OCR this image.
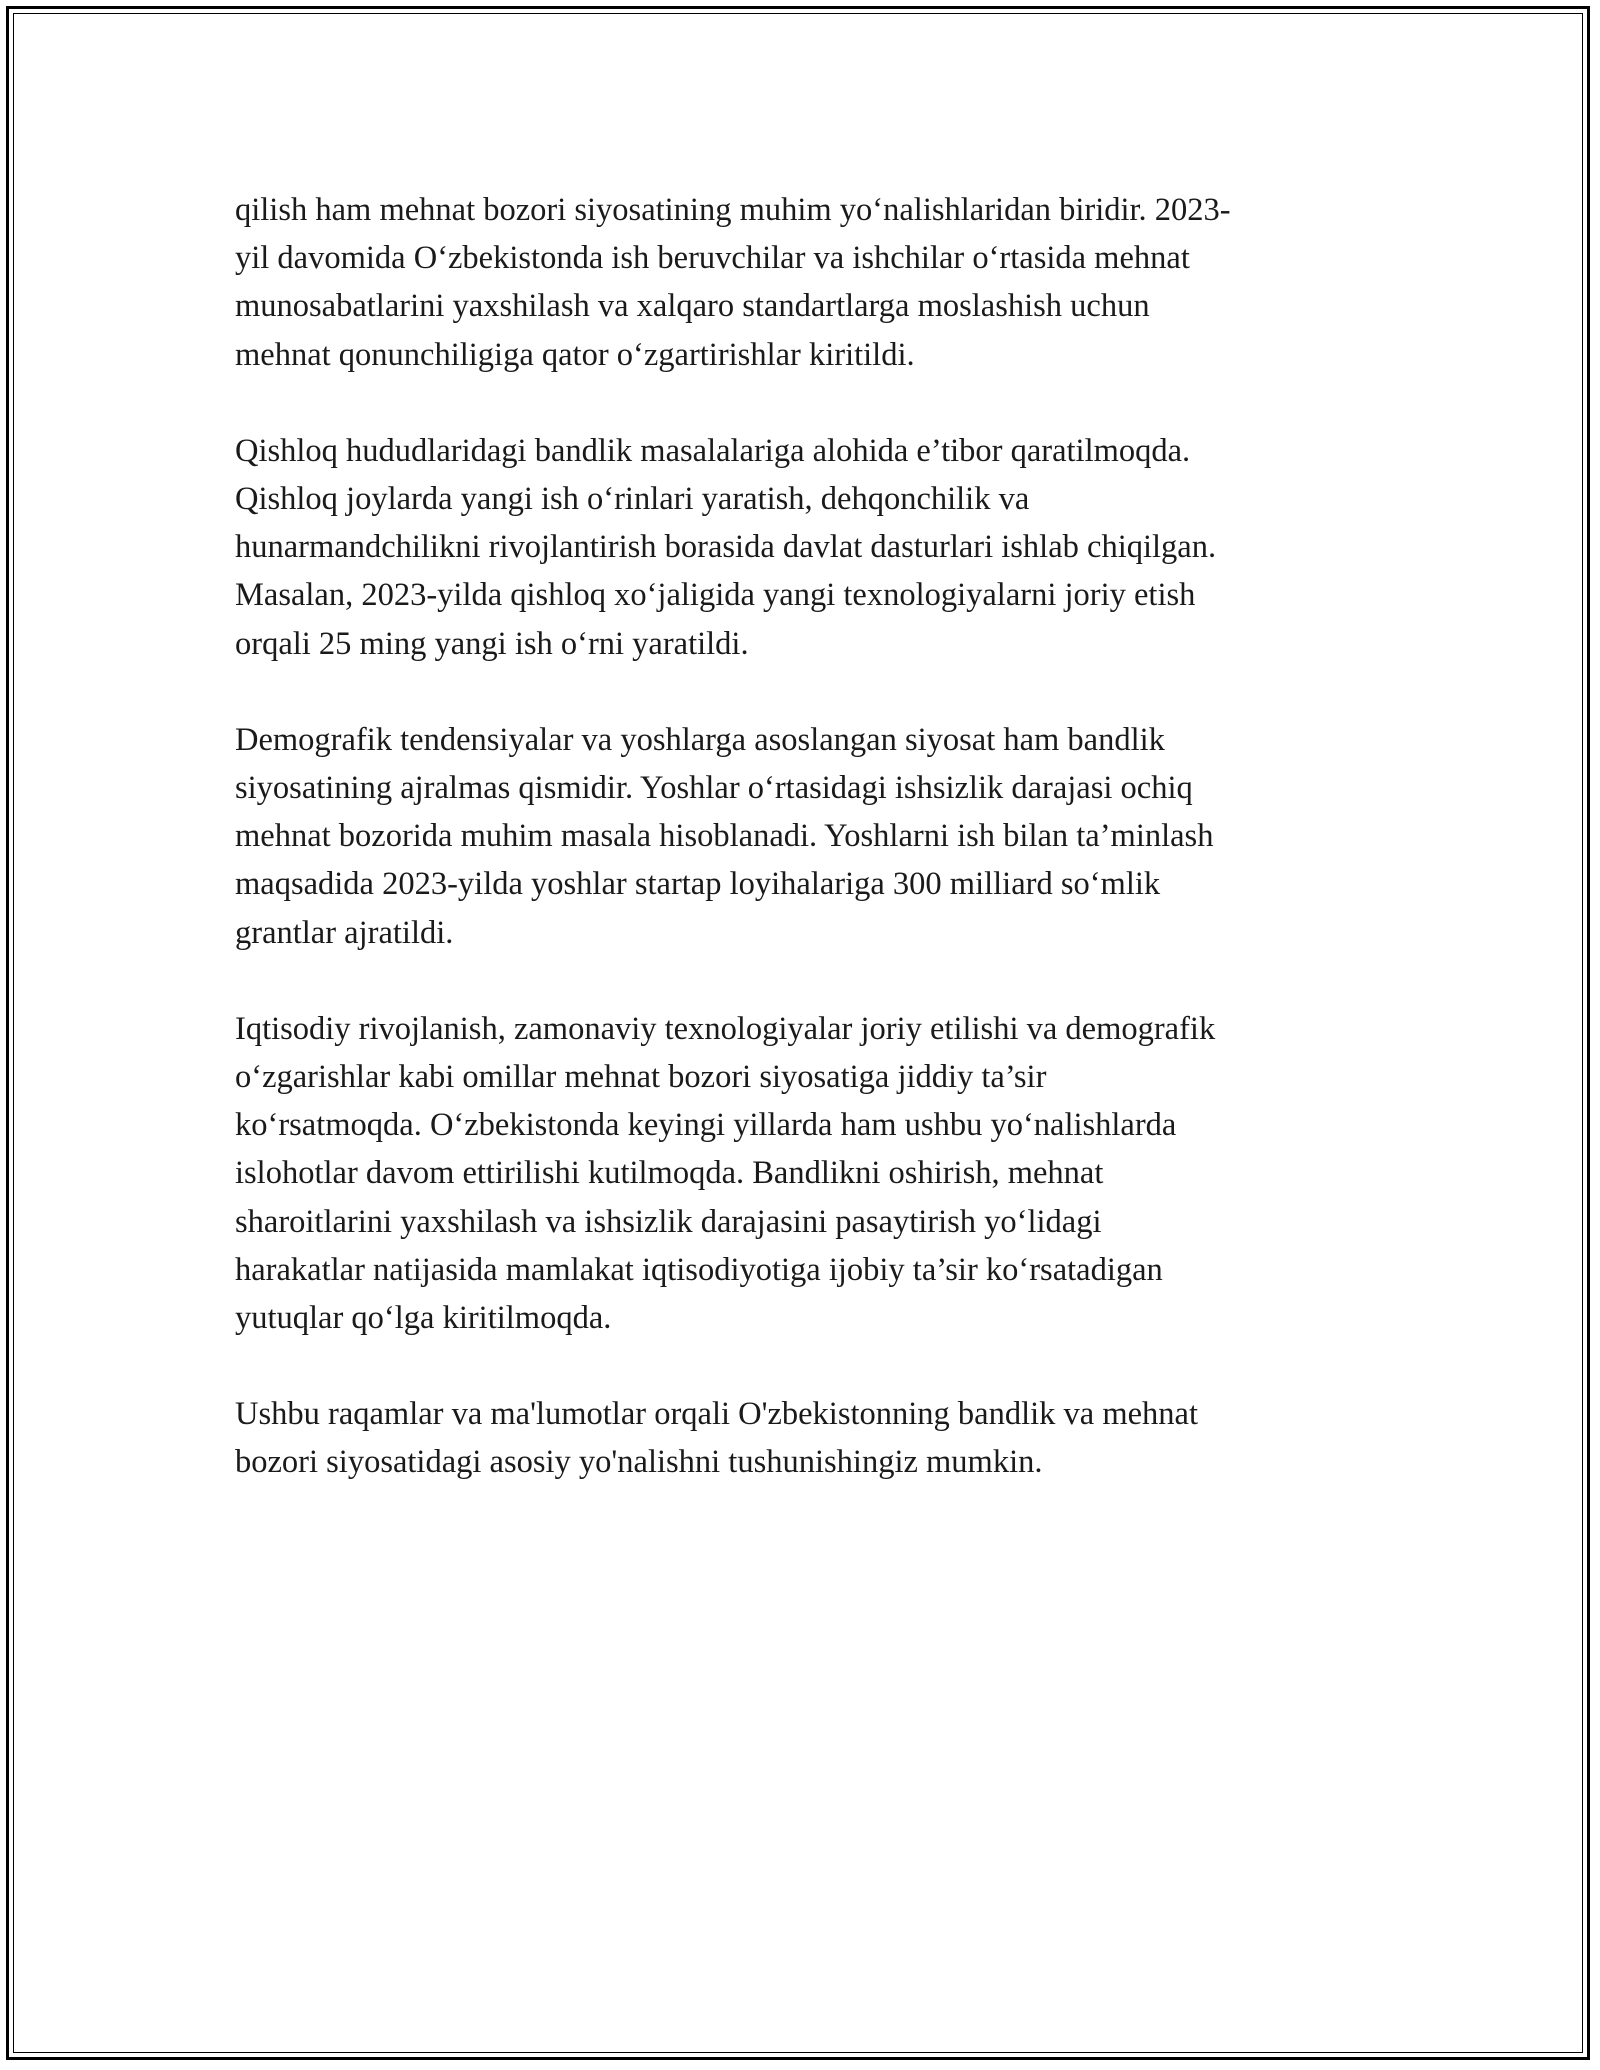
qilish ham mehnat bozori siyosatining muhim yo‘nalishlaridan biridir. 2023-
yil davomida O‘zbekistonda ish beruvchilar va ishchilar o‘rtasida mehnat
munosabatlarini yaxshilash va xalqaro standartlarga moslashish uchun
mehnat qonunchiligiga qator o‘zgartirishlar kiritildi.

Qishloq hududlaridagi bandlik masalalariga alohida e’tibor qaratilmoqda.
Qishloq joylarda yangi ish o‘rinlari yaratish, dehqonchilik va
hunarmandchilikni rivojlantirish borasida davlat dasturlari ishlab chiqilgan.
Masalan, 2023-yilda qishloq xo‘jaligida yangi texnologiyalarni joriy etish
orqali 25 ming yangi ish o‘rni yaratildi.

Demografik tendensiyalar va yoshlarga asoslangan siyosat ham bandlik
siyosatining ajralmas qismidir. Yoshlar o‘rtasidagi ishsizlik darajasi ochiq
mehnat bozorida muhim masala hisoblanadi. Yoshlarni ish bilan ta’minlash
maqsadida 2023-yilda yoshlar startap loyihalariga 300 milliard so‘mlik
grantlar ajratildi.

Iqtisodiy rivojlanish, zamonaviy texnologiyalar joriy etilishi va demografik
o‘zgarishlar kabi omillar mehnat bozori siyosatiga jiddiy ta’sir
ko‘rsatmoqda. O‘zbekistonda keyingi yillarda ham ushbu yo‘nalishlarda
islohotlar davom ettirilishi kutilmoqda. Bandlikni oshirish, mehnat
sharoitlarini yaxshilash va ishsizlik darajasini pasaytirish yo‘lidagi
harakatlar natijasida mamlakat iqtisodiyotiga ijobiy ta’sir ko‘rsatadigan
yutuqlar qo‘lga kiritilmoqda.

Ushbu raqamlar va ma'lumotlar orqali O'zbekistonning bandlik va mehnat
bozori siyosatidagi asosiy yo'nalishni tushunishingiz mumkin.
